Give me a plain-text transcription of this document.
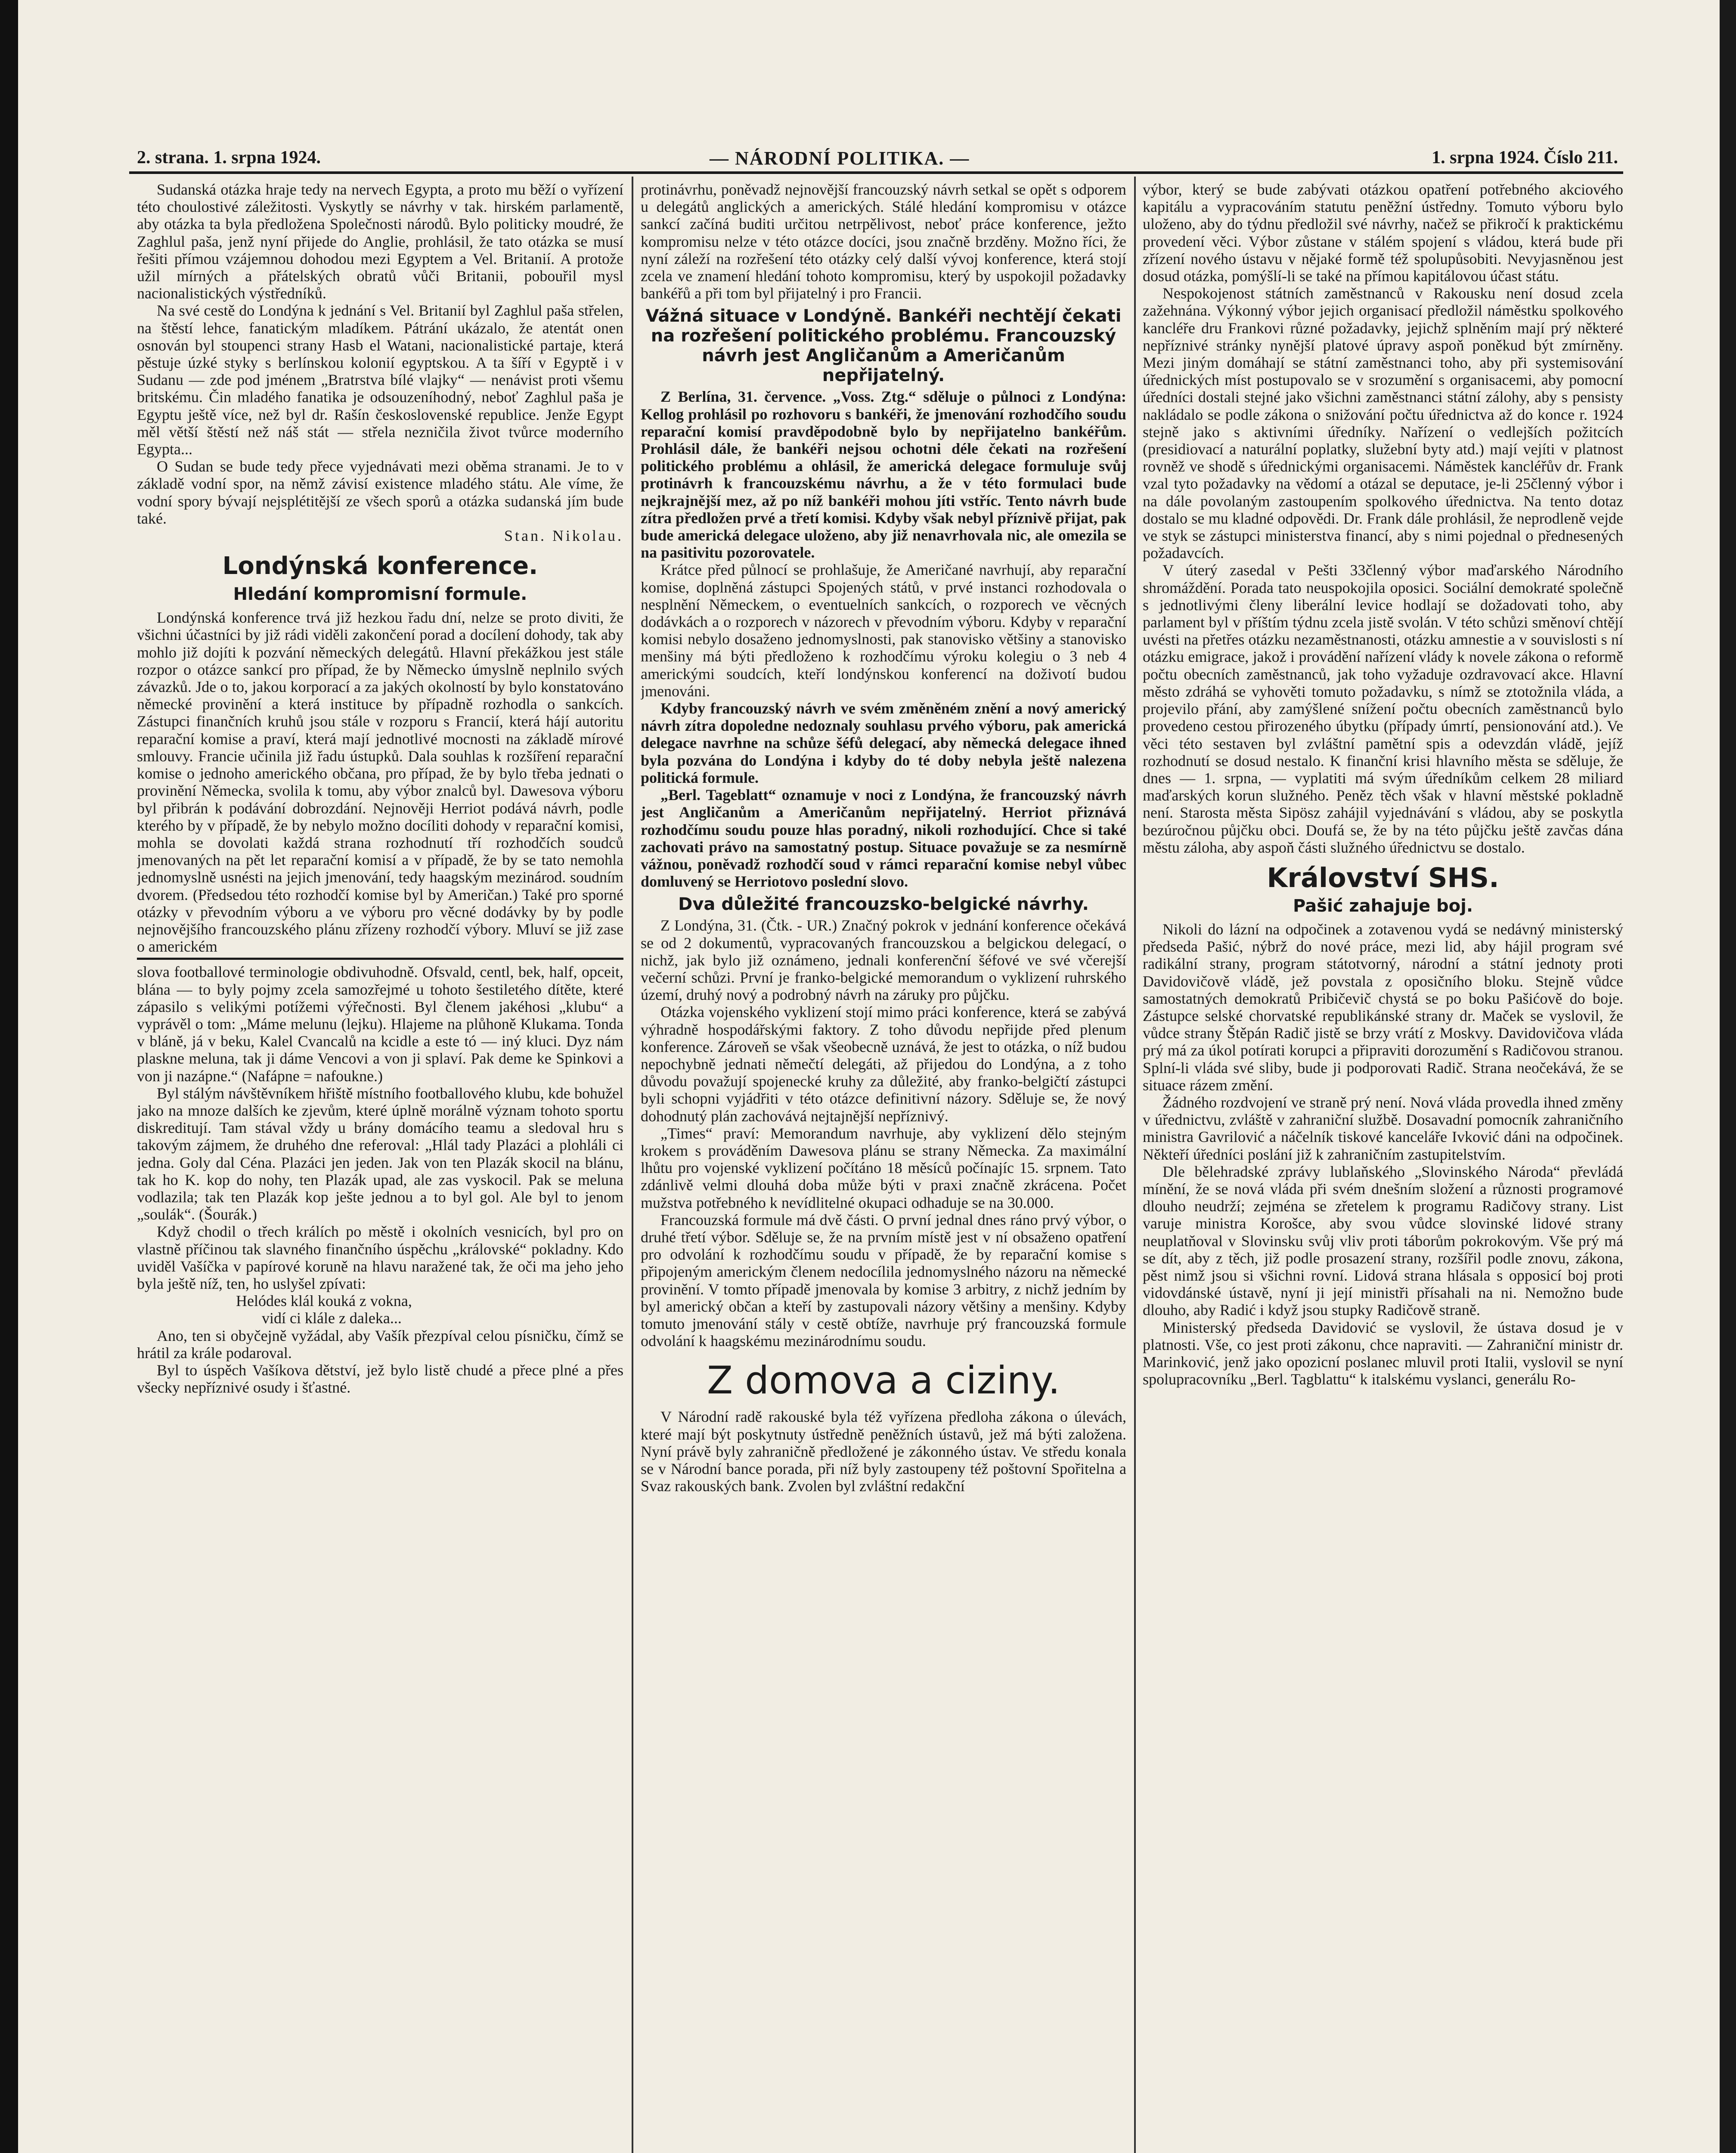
2. strana. 1. srpna 1924.	— NÁRODNÍ POLITIKA. —	1. srpna 1924. Číslo 211.

Sudanská otázka hraje tedy na nervech Egypta, a proto mu běží o vyřízení této choulostivé záležitosti. Vyskytly se návrhy v tak. hirském parlamentě, aby otázka ta byla předložena Společnosti národů. Bylo politicky moudré, že Zaghlul paša, jenž nyní přijede do Anglie, prohlásil, že tato otázka se musí řešiti přímou vzájemnou dohodou mezi Egyptem a Vel. Britanií. A protože užil mírných a přátelských obratů vůči Britanii, pobouřil mysl nacionalistických výstředníků.

Na své cestě do Londýna k jednání s Vel. Britanií byl Zaghlul paša střelen, na štěstí lehce, fanatickým mladíkem. Pátrání ukázalo, že atentát onen osnován byl stoupenci strany Hasb el Watani, nacionalistické partaje, která pěstuje úzké styky s berlínskou kolonií egyptskou. A ta šíří v Egyptě i v Sudanu — zde pod jménem „Bratrstva bílé vlajky“ — nenávist proti všemu britskému. Čin mladého fanatika je odsouzeníhodný, neboť Zaghlul paša je Egyptu ještě více, než byl dr. Rašín československé republice. Jenže Egypt měl větší štěstí než náš stát — střela nezničila život tvůrce moderního Egypta...

O Sudan se bude tedy přece vyjednávati mezi oběma stranami. Je to v základě vodní spor, na němž závisí existence mladého státu. Ale víme, že vodní spory bývají nejsplétitější ze všech sporů a otázka sudanská jím bude také.

Stan. Nikolau.

Londýnská konference.
Hledání kompromisní formule.

Londýnská konference trvá již hezkou řadu dní, nelze se proto diviti, že všichni účastníci by již rádi viděli zakončení porad a docílení dohody, tak aby mohlo již dojíti k pozvání německých delegátů. Hlavní překážkou jest stále rozpor o otázce sankcí pro případ, že by Německo úmyslně neplnilo svých závazků. Jde o to, jakou korporací a za jakých okolností by bylo konstatováno německé provinění a která instituce by případně rozhodla o sankcích. Zástupci finančních kruhů jsou stále v rozporu s Francií, která hájí autoritu reparační komise a praví, která mají jednotlivé mocnosti na základě mírové smlouvy. Francie učinila již řadu ústupků. Dala souhlas k rozšíření reparační komise o jednoho amerického občana, pro případ, že by bylo třeba jednati o provinění Německa, svolila k tomu, aby výbor znalců byl. Dawesova výboru byl přibrán k podávání dobrozdání. Nejnověji Herriot podává návrh, podle kterého by v případě, že by nebylo možno docíliti dohody v reparační komisi, mohla se dovolati každá strana rozhodnutí tří rozhodčích soudců jmenovaných na pět let reparační komisí a v případě, že by se tato nemohla jednomyslně usnésti na jejich jmenování, tedy haagským mezinárod. soudním dvorem. (Předsedou této rozhodčí komise byl by Američan.) Také pro sporné otázky v převodním výboru a ve výboru pro věcné dodávky by by podle nejnovějšího francouzského plánu zřízeny rozhodčí výbory. Mluví se již zase o americkém

slova footballové terminologie obdivuhodně. Ofsvald, centl, bek, half, opceit, blána — to byly pojmy zcela samozřejmé u tohoto šestiletého dítěte, které zápasilo s velikými potížemi výřečnosti. Byl členem jakéhosi „klubu“ a vyprávěl o tom: „Máme melunu (lejku). Hlajeme na plůhoně Klukama. Tonda v bláně, já v beku, Kalel Cvancalů na kcidle a este tó — iný kluci. Dyz nám plaskne meluna, tak ji dáme Vencovi a von ji splaví. Pak deme ke Spinkovi a von ji nazápne.“ (Nafápne = nafoukne.)

Byl stálým návštěvníkem hřiště místního footballového klubu, kde bohužel jako na mnoze dalších ke zjevům, které úplně morálně význam tohoto sportu diskreditují. Tam stával vždy u brány domácího teamu a sledoval hru s takovým zájmem, že druhého dne referoval: „Hlál tady Plazáci a plohláli ci jedna. Goly dal Céna. Plazáci jen jeden. Jak von ten Plazák skocil na blánu, tak ho K. kop do nohy, ten Plazák upad, ale zas vyskocil. Pak se meluna vodlazila; tak ten Plazák kop ješte jednou a to byl gol. Ale byl to jenom „soulák“. (Šourák.)

Když chodil o třech králích po městě i okolních vesnicích, byl pro on vlastně příčinou tak slavného finančního úspěchu „královské“ pokladny. Kdo uviděl Vašíčka v papírové koruně na hlavu naražené tak, že oči ma jeho jeho byla ještě níž, ten, ho uslyšel zpívati:

Helódes klál kouká z vokna,

vidí ci klále z daleka...

Ano, ten si obyčejně vyžádal, aby Vašík přezpíval celou písničku, čímž se hrátil za krále podaroval.

Byl to úspěch Vašíkova dětství, jež bylo listě chudé a přece plné a přes všecky nepříznivé osudy i šťastné.

protinávrhu, poněvadž nejnovější francouzský návrh setkal se opět s odporem u delegátů anglických a amerických. Stálé hledání kompromisu v otázce sankcí začíná buditi určitou netrpělivost, neboť práce konference, ježto kompromisu nelze v této otázce docíci, jsou značně brzděny. Možno říci, že nyní záleží na rozřešení této otázky celý další vývoj konference, která stojí zcela ve znamení hledání tohoto kompromisu, který by uspokojil požadavky bankéřů a při tom byl přijatelný i pro Francii.

Vážná situace v Londýně. Bankéři nechtějí čekati na rozřešení politického problému. Francouzský návrh jest Angličanům a Američanům nepřijatelný.

Z Berlína, 31. července. „Voss. Ztg.“ sděluje o půlnoci z Londýna: Kellog prohlásil po rozhovoru s bankéři, že jmenování rozhodčího soudu reparační komisí pravděpodobně bylo by nepřijatelno bankéřům. Prohlásil dále, že bankéři nejsou ochotni déle čekati na rozřešení politického problému a ohlásil, že americká delegace formuluje svůj protinávrh k francouzskému návrhu, a že v této formulaci bude nejkrajnější mez, až po níž bankéři mohou jíti vstříc. Tento návrh bude zítra předložen prvé a třetí komisi. Kdyby však nebyl příznivě přijat, pak bude americká delegace uloženo, aby již nenavrhovala nic, ale omezila se na pasitivitu pozorovatele.

Krátce před půlnocí se prohlašuje, že Američané navrhují, aby reparační komise, doplněná zástupci Spojených států, v prvé instanci rozhodovala o nesplnění Německem, o eventuelních sankcích, o rozporech ve věcných dodávkách a o rozporech v názorech v převodním výboru. Kdyby v reparační komisi nebylo dosaženo jednomyslnosti, pak stanovisko většiny a stanovisko menšiny má býti předloženo k rozhodčímu výroku kolegiu o 3 neb 4 americkými soudcích, kteří londýnskou konferencí na doživotí budou jmenováni.

Kdyby francouzský návrh ve svém změněném znění a nový americký návrh zítra dopoledne nedoznaly souhlasu prvého výboru, pak americká delegace navrhne na schůze šéfů delegací, aby německá delegace ihned byla pozvána do Londýna i kdyby do té doby nebyla ještě nalezena politická formule.

„Berl. Tageblatt“ oznamuje v noci z Londýna, že francouzský návrh jest Angličanům a Američanům nepřijatelný. Herriot přiznává rozhodčímu soudu pouze hlas poradný, nikoli rozhodující. Chce si také zachovati právo na samostatný postup. Situace považuje se za nesmírně vážnou, poněvadž rozhodčí soud v rámci reparační komise nebyl vůbec domluvený se Herriotovo poslední slovo.

Dva důležité francouzsko-belgické návrhy.

Z Londýna, 31. (Čtk. - UR.) Značný pokrok v jednání konference očekává se od 2 dokumentů, vypracovaných francouzskou a belgickou delegací, o nichž, jak bylo již oznámeno, jednali konferenční šéfové ve své včerejší večerní schůzi. První je franko-belgické memorandum o vyklizení ruhrského území, druhý nový a podrobný návrh na záruky pro půjčku.

Otázka vojenského vyklizení stojí mimo práci konference, která se zabývá výhradně hospodářskými faktory. Z toho důvodu nepřijde před plenum konference. Zároveň se však všeobecně uznává, že jest to otázka, o níž budou nepochybně jednati němečtí delegáti, až přijedou do Londýna, a z toho důvodu považují spojenecké kruhy za důležité, aby franko-belgičtí zástupci byli schopni vyjádřiti v této otázce definitivní názory. Sděluje se, že nový dohodnutý plán zachovává nejtajnější nepříznivý.

„Times“ praví: Memorandum navrhuje, aby vyklizení dělo stejným krokem s prováděním Dawesova plánu se strany Německa. Za maximální lhůtu pro vojenské vyklizení počítáno 18 měsíců počínajíc 15. srpnem. Tato zdánlivě velmi dlouhá doba může býti v praxi značně zkrácena. Počet mužstva potřebného k nevídlitelné okupaci odhaduje se na 30.000.

Francouzská formule má dvě části. O první jednal dnes ráno prvý výbor, o druhé třetí výbor. Sděluje se, že na prvním místě jest v ní obsaženo opatření pro odvolání k rozhodčímu soudu v případě, že by reparační komise s připojeným americkým členem nedocílila jednomyslného názoru na německé provinění. V tomto případě jmenovala by komise 3 arbitry, z nichž jedním by byl americký občan a kteří by zastupovali názory většiny a menšiny. Kdyby tomuto jmenování stály v cestě obtíže, navrhuje prý francouzská formule odvolání k haagskému mezinárodnímu soudu.

Z domova a ciziny.

V Národní radě rakouské byla též vyřízena předloha zákona o úlevách, které mají být poskytnuty ústředně peněžních ústavů, jež má býti založena. Nyní právě byly zahraničně předložené je zákonného ústav. Ve středu konala se v Národní bance porada, při níž byly zastoupeny též poštovní Spořitelna a Svaz rakouských bank. Zvolen byl zvláštní redakční

výbor, který se bude zabývati otázkou opatření potřebného akciového kapitálu a vypracováním statutu peněžní ústředny. Tomuto výboru bylo uloženo, aby do týdnu předložil své návrhy, načež se přikročí k praktickému provedení věci. Výbor zůstane v stálém spojení s vládou, která bude při zřízení nového ústavu v nějaké formě též spolupůsobiti. Nevyjasněnou jest dosud otázka, pomýšlí-li se také na přímou kapitálovou účast státu.

Nespokojenost státních zaměstnanců v Rakousku není dosud zcela zažehnána. Výkonný výbor jejich organisací předložil náměstku spolkového kancléře dru Frankovi různé požadavky, jejichž splněním mají prý některé nepříznivé stránky nynější platové úpravy aspoň poněkud být zmírněny. Mezi jiným domáhají se státní zaměstnanci toho, aby při systemisování úřednických míst postupovalo se v srozumění s organisacemi, aby pomocní úředníci dostali stejné jako všichni zaměstnanci státní zálohy, aby s pensisty nakládalo se podle zákona o snižování počtu úřednictva až do konce r. 1924 stejně jako s aktivními úředníky. Nařízení o vedlejších požitcích (presidiovací a naturální poplatky, služební byty atd.) mají vejíti v platnost rovněž ve shodě s úřednickými organisacemi. Náměstek kancléřův dr. Frank vzal tyto požadavky na vědomí a otázal se deputace, je-li 25členný výbor i na dále povolaným zastoupením spolkového úřednictva. Na tento dotaz dostalo se mu kladné odpovědi. Dr. Frank dále prohlásil, že neprodleně vejde ve styk se zástupci ministerstva financí, aby s nimi pojednal o přednesených požadavcích.

V úterý zasedal v Pešti 33členný výbor maďarského Národního shromáždění. Porada tato neuspokojila oposici. Sociální demokraté společně s jednotlivými členy liberální levice hodlají se dožadovati toho, aby parlament byl v příštím týdnu zcela jistě svolán. V této schůzi směnoví chtějí uvésti na přetřes otázku nezaměstnanosti, otázku amnestie a v souvislosti s ní otázku emigrace, jakož i provádění nařízení vlády k novele zákona o reformě počtu obecních zaměstnanců, jak toho vyžaduje ozdravovací akce. Hlavní město zdráhá se vyhověti tomuto požadavku, s nímž se ztotožnila vláda, a projevilo přání, aby zamýšlené snížení počtu obecních zaměstnanců bylo provedeno cestou přirozeného úbytku (případy úmrtí, pensionování atd.). Ve věci této sestaven byl zvláštní pamětní spis a odevzdán vládě, jejíž rozhodnutí se dosud nestalo. K finanční krisi hlavního města se sděluje, že dnes — 1. srpna, — vyplatiti má svým úředníkům celkem 28 miliard maďarských korun služného. Peněz těch však v hlavní městské pokladně není. Starosta města Sipösz zahájil vyjednávání s vládou, aby se poskytla bezúročnou půjčku obci. Doufá se, že by na této půjčku ještě zavčas dána městu záloha, aby aspoň části služného úřednictvu se dostalo.

Království SHS.
Pašić zahajuje boj.

Nikoli do lázní na odpočinek a zotavenou vydá se nedávný ministerský předseda Pašić, nýbrž do nové práce, mezi lid, aby hájil program své radikální strany, program státotvorný, národní a státní jednoty proti Davidovičově vládě, jež povstala z oposičního bloku. Stejně vůdce samostatných demokratů Pribičevič chystá se po boku Pašićově do boje. Zástupce selské chorvatské republikánské strany dr. Maček se vyslovil, že vůdce strany Štěpán Radič jistě se brzy vrátí z Moskvy. Davidovičova vláda prý má za úkol potírati korupci a připraviti dorozumění s Radičovou stranou. Splní-li vláda své sliby, bude ji podporovati Radič. Strana neočekává, že se situace rázem změní.

Žádného rozdvojení ve straně prý není. Nová vláda provedla ihned změny v úřednictvu, zvláště v zahraniční službě. Dosavadní pomocník zahraničního ministra Gavrilović a náčelník tiskové kanceláře Ivković dáni na odpočinek. Někteří úředníci poslání již k zahraničním zastupitelstvím.

Dle bělehradské zprávy lublaňského „Slovinského Národa“ převládá mínění, že se nová vláda při svém dnešním složení a různosti programové dlouho neudrží; zejména se zřetelem k programu Radičovy strany. List varuje ministra Korošce, aby svou vůdce slovinské lidové strany neuplatňoval v Slovinsku svůj vliv proti táborům pokrokovým. Vše prý má se dít, aby z těch, již podle prosazení strany, rozšířil podle znovu, zákona, pěst nimž jsou si všichni rovní. Lidová strana hlásala s opposicí boj proti vidovdánské ústavě, nyní ji její ministři přísahali na ni. Nemožno bude dlouho, aby Radić i když jsou stupky Radičově straně.

Ministerský předseda Davidović se vyslovil, že ústava dosud je v platnosti. Vše, co jest proti zákonu, chce napraviti. — Zahraniční ministr dr. Marinković, jenž jako opozicní poslanec mluvil proti Italii, vyslovil se nyní spolupracovníku „Berl. Tagblattu“ k italskému vyslanci, generálu Ro-
